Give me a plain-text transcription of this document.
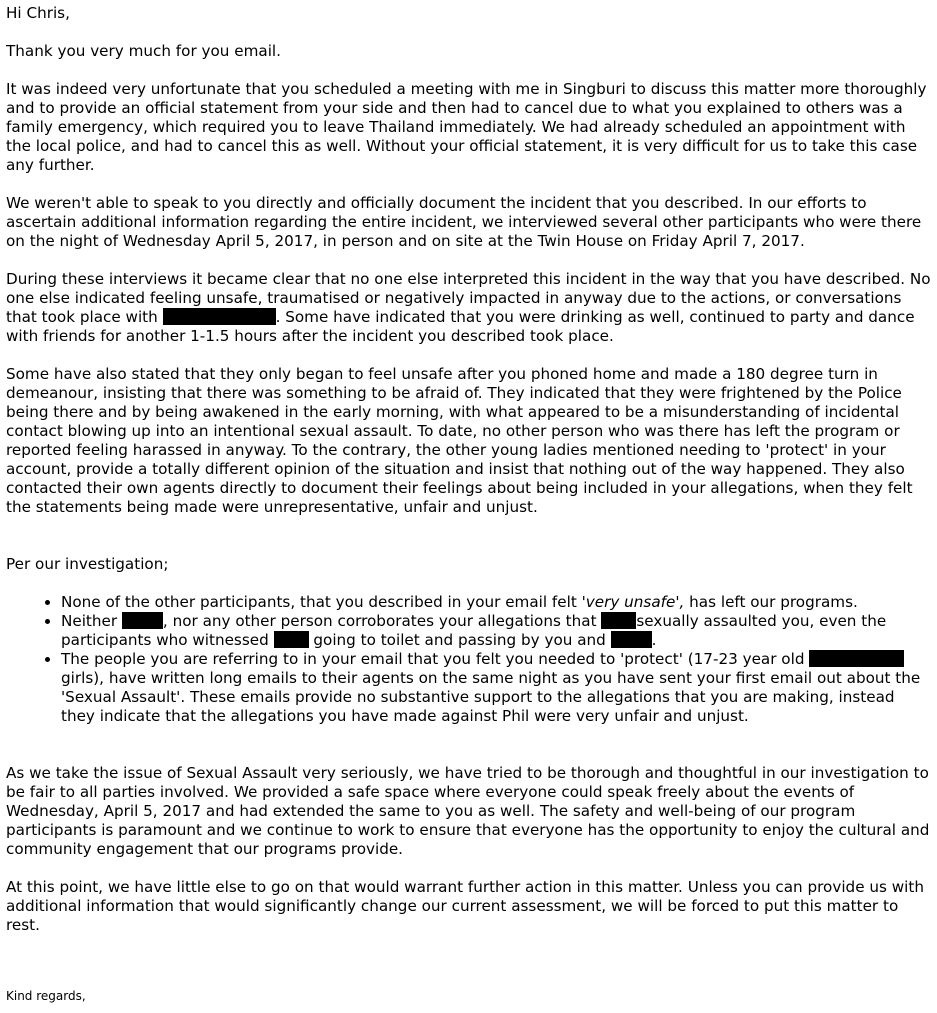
Hi Chris,

Thank you very much for you email.

It was indeed very unfortunate that you scheduled a meeting with me in Singburi to discuss this matter more thoroughly and to provide an official statement from your side and then had to cancel due to what you explained to others was a family emergency, which required you to leave Thailand immediately. We had already scheduled an appointment with the local police, and had to cancel this as well. Without your official statement, it is very difficult for us to take this case any further.

We weren't able to speak to you directly and officially document the incident that you described. In our efforts to ascertain additional information regarding the entire incident, we interviewed several other participants who were there on the night of Wednesday April 5, 2017, in person and on site at the Twin House on Friday April 7, 2017.

During these interviews it became clear that no one else interpreted this incident in the way that you have described. No one else indicated feeling unsafe, traumatised or negatively impacted in anyway due to the actions, or conversations that took place with	. Some have indicated that you were drinking as well, continued to party and dance with friends for another 1-1.5 hours after the incident you described took place.

Some have also stated that they only began to feel unsafe after you phoned home and made a 180 degree turn in demeanour, insisting that there was something to be afraid of. They indicated that they were frightened by the Police being there and by being awakened in the early morning, with what appeared to be a misunderstanding of incidental contact blowing up into an intentional sexual assault. To date, no other person who was there has left the program or reported feeling harassed in anyway. To the contrary, the other young ladies mentioned needing to 'protect' in your account, provide a totally different opinion of the situation and insist that nothing out of the way happened. They also contacted their own agents directly to document their feelings about being included in your allegations, when they felt the statements being made were unrepresentative, unfair and unjust.

Per our investigation;

• None of the other participants, that you described in your email felt 'very unsafe', has left our programs.
• Neither	, nor any other person corroborates your allegations that sexually assaulted you, even the participants who witnessed  going to toilet and passing by you and	.
• The people you are referring to in your email that you felt you needed to 'protect' (17-23 year old girls), have written long emails to their agents on the same night as you have sent your first email out about the 'Sexual Assault'. These emails provide no substantive support to the allegations that you are making, instead they indicate that the allegations you have made against Phil were very unfair and unjust.

As we take the issue of Sexual Assault very seriously, we have tried to be thorough and thoughtful in our investigation to be fair to all parties involved. We provided a safe space where everyone could speak freely about the events of Wednesday, April 5, 2017 and had extended the same to you as well. The safety and well-being of our program participants is paramount and we continue to work to ensure that everyone has the opportunity to enjoy the cultural and community engagement that our programs provide.

At this point, we have little else to go on that would warrant further action in this matter. Unless you can provide us with additional information that would significantly change our current assessment, we will be forced to put this matter to rest.

Kind regards,
